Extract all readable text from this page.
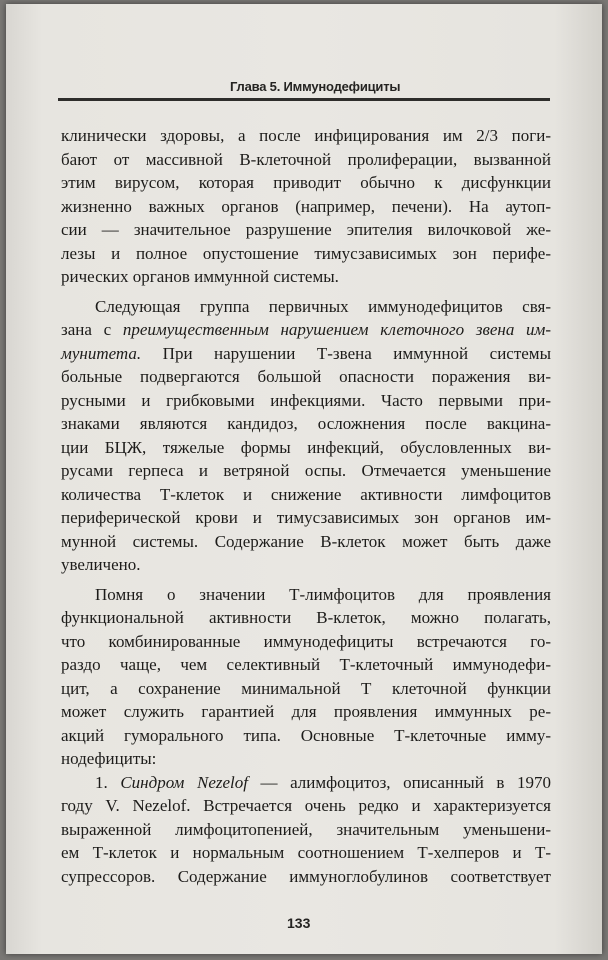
Глава 5. Иммунодефициты
клинически здоровы, а после инфицирования им 2/3 поги-
бают от массивной В-клеточной пролиферации, вызванной
этим вирусом, которая приводит обычно к дисфункции
жизненно важных органов (например, печени). На аутоп-
сии — значительное разрушение эпителия вилочковой же-
лезы и полное опустошение тимусзависимых зон перифе-
рических органов иммунной системы.
Следующая группа первичных иммунодефицитов свя-
зана с преимущественным нарушением клеточного звена им-
мунитета. При нарушении Т-звена иммунной системы
больные подвергаются большой опасности поражения ви-
русными и грибковыми инфекциями. Часто первыми при-
знаками являются кандидоз, осложнения после вакцина-
ции БЦЖ, тяжелые формы инфекций, обусловленных ви-
русами герпеса и ветряной оспы. Отмечается уменьшение
количества Т-клеток и снижение активности лимфоцитов
периферической крови и тимусзависимых зон органов им-
мунной системы. Содержание В-клеток может быть даже
увеличено.
Помня о значении Т-лимфоцитов для проявления
функциональной активности В-клеток, можно полагать,
что комбинированные иммунодефициты встречаются го-
раздо чаще, чем селективный Т-клеточный иммунодефи-
цит, а сохранение минимальной Т клеточной функции
может служить гарантией для проявления иммунных ре-
акций гуморального типа. Основные Т-клеточные имму-
нодефициты:
1. Синдром Nezelof — алимфоцитоз, описанный в 1970
году V. Nezelof. Встречается очень редко и характеризуется
выраженной лимфоцитопенией, значительным уменьшени-
ем Т-клеток и нормальным соотношением Т-хелперов и Т-
супрессоров. Содержание иммуноглобулинов соответствует
133
